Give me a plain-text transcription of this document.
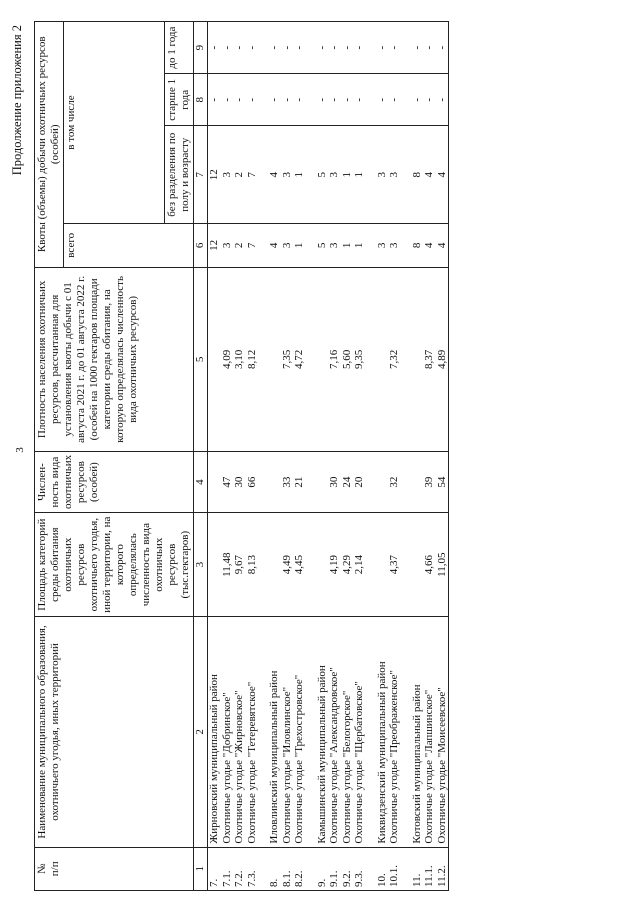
3
Продолжение приложения 2
№
п/п	Наименование муниципального образования, охотничьего угодья, иных территорий	Площадь категорий среды обитания охотничьих ресурсов охотничьего угодья, иной территории, на которого определялась численность вида охотничьих ресурсов (тыс.гектаров)	Числен-ность вида охотничьих ресурсов (особей)	Плотность населения охотничьих ресурсов, рассчитанная для установления квоты добычи с 01 августа 2021 г. до 01 августа 2022 г. (особей на 1000 гектаров площади категории среды обитания, на которую определялась численность вида охотничьих ресурсов)	Квоты (объемы) добычи охотничьих ресурсов (особей)			
					всего	в том числе		
						без разделения по полу и возрасту	старше 1 года	до 1 года
1	2	3	4	5	6	7	8	9
7.	Жирновский муниципальный район				12	12	-	-
7.1.	Охотничье угодье "Добринское"	11,48	47	4,09	3	3	-	-
7.2.	Охотничье угодье "Жирновское"	9,67	30	3,10	2	2	-	-
7.3.	Охотничье угодье "Тетеревятское"	8,13	66	8,12	7	7	-	-

8.	Иловлинский муниципальный район				4	4	-	-
8.1.	Охотничье угодье "Иловлинское"	4,49	33	7,35	3	3	-	-
8.2.	Охотничье угодье "Трехостровское"	4,45	21	4,72	1	1	-	-

9.	Камышинский муниципальный район				5	5	-	-
9.1.	Охотничье угодье "Александровское"	4,19	30	7,16	3	3	-	-
9.2.	Охотничье угодье "Белогорское"	4,29	24	5,60	1	1	-	-
9.3.	Охотничье угодье "Щербатовское"	2,14	20	9,35	1	1	-	-

10.	Киквидзенский муниципальный район				3	3	-	-
10.1.	Охотничье угодье "Преображенское"	4,37	32	7,32	3	3	-	-

11.	Котовский муниципальный район				8	8	-	-
11.1.	Охотничье угодье "Лапшинское"	4,66	39	8,37	4	4	-	-
11.2.	Охотничье угодье "Моисеевское"	11,05	54	4,89	4	4	-	-
